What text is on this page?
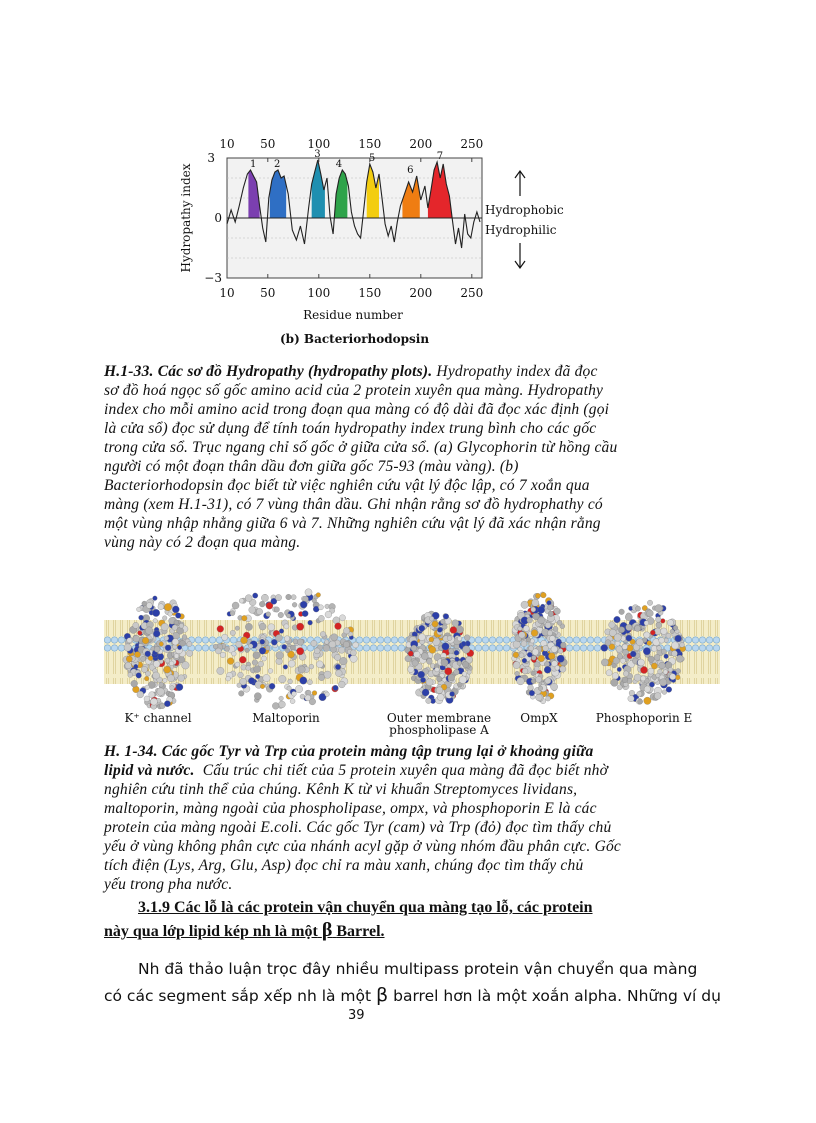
1 2
3
4
5
6
7
10 50	100 150 200 250
10 50	100 150 200 250
3
0
−3
Hydropathy index
Residue number
(b) Bacteriorhodopsin
Hydrophobic
Hydrophilic
H.1-33. Các sơ đồ Hydropathy (hydropathy plots). Hydropathy index đã đọc
sơ đồ hoá ngọc số gốc amino acid của 2 protein xuyên qua màng. Hydropathy
index cho mỗi amino acid trong đoạn qua màng có độ dài đã đọc xác định (gọi
là cửa sổ) đọc sử dụng để tính toán hydropathy index trung bình cho các gốc
trong cửa sổ. Trục ngang chỉ số gốc ở giữa cửa sổ. (a) Glycophorin từ hồng cầu
người có một đoạn thân dầu đơn giữa gốc 75-93 (màu vàng). (b)
Bacteriorhodopsin đọc biết từ việc nghiên cứu vật lý độc lập, có 7 xoắn qua
màng (xem H.1-31), có 7 vùng thân dầu. Ghi nhận rằng sơ đồ hydrophathy có
một vùng nhập nhằng giữa 6 và 7. Những nghiên cứu vật lý đã xác nhận rằng
vùng này có 2 đoạn qua màng.
K⁺ channel	Maltoporin	Outer membrane
phospholipase A
OmpX	Phosphoporin E
H. 1-34. Các gốc Tyr và Trp của protein màng tập trung lại ở khoảng giữa
lipid và nước. Cấu trúc chi tiết của 5 protein xuyên qua màng đã đọc biết nhờ
nghiên cứu tinh thể của chúng. Kênh K từ vi khuẩn Streptomyces lividans,
maltoporin, màng ngoài của phospholipase, ompx, và phosphoporin E là các
protein của màng ngoài E.coli. Các gốc Tyr (cam) và Trp (đỏ) đọc tìm thấy chủ
yếu ở vùng không phân cực của nhánh acyl gặp ở vùng nhóm đầu phân cực. Gốc
tích điện (Lys, Arg, Glu, Asp) đọc chỉ ra màu xanh, chúng đọc tìm thấy chủ
yếu trong pha nước.
3.1.9 Các lỗ là các protein vận chuyển qua màng tạo lỗ, các protein
này qua lớp lipid kép nh là một β Barrel.
Nh đã thảo luận trọc đây nhiều multipass protein vận chuyển qua màng
có các segment sắp xếp nh là một β barrel hơn là một xoắn alpha. Những ví dụ
39
